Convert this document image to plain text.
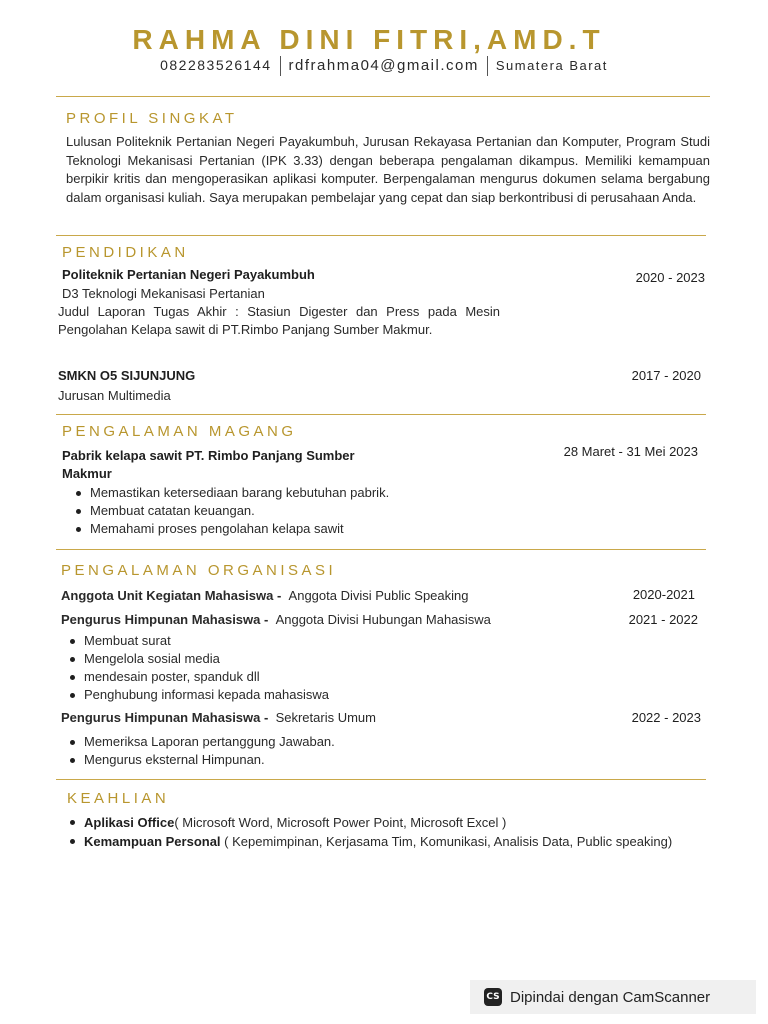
RAHMA DINI FITRI,AMD.T
082283526144 rdfrahma04@gmail.com Sumatera Barat
PROFIL SINGKAT
Lulusan Politeknik Pertanian Negeri Payakumbuh, Jurusan Rekayasa Pertanian dan Komputer, Program Studi Teknologi Mekanisasi Pertanian (IPK 3.33) dengan beberapa pengalaman dikampus. Memiliki kemampuan berpikir kritis dan mengoperasikan aplikasi komputer. Berpengalaman mengurus dokumen selama bergabung dalam organisasi kuliah. Saya merupakan pembelajar yang cepat dan siap berkontribusi di perusahaan Anda.
PENDIDIKAN
Politeknik Pertanian Negeri Payakumbuh	2020 - 2023
D3 Teknologi Mekanisasi Pertanian
Judul Laporan Tugas Akhir : Stasiun Digester dan Press pada Mesin
Pengolahan Kelapa sawit di PT.Rimbo Panjang Sumber Makmur.
SMKN O5 SIJUNJUNG	2017 - 2020
Jurusan Multimedia
PENGALAMAN MAGANG
Pabrik kelapa sawit PT. Rimbo Panjang Sumber
Makmur
28 Maret - 31 Mei 2023
Memastikan ketersediaan barang kebutuhan pabrik.
Membuat catatan keuangan.
Memahami proses pengolahan kelapa sawit
PENGALAMAN ORGANISASI
Anggota Unit Kegiatan Mahasiswa - Anggota Divisi Public Speaking	2020-2021
Pengurus Himpunan Mahasiswa - Anggota Divisi Hubungan Mahasiswa	2021 - 2022
Membuat surat
Mengelola sosial media
mendesain poster, spanduk dll
Penghubung informasi kepada mahasiswa
Pengurus Himpunan Mahasiswa - Sekretaris Umum	2022 - 2023
Memeriksa Laporan pertanggung Jawaban.
Mengurus eksternal Himpunan.
KEAHLIAN
Aplikasi Office( Microsoft Word, Microsoft Power Point, Microsoft Excel )
Kemampuan Personal ( Kepemimpinan, Kerjasama Tim, Komunikasi, Analisis Data, Public speaking)
CS Dipindai dengan CamScanner
